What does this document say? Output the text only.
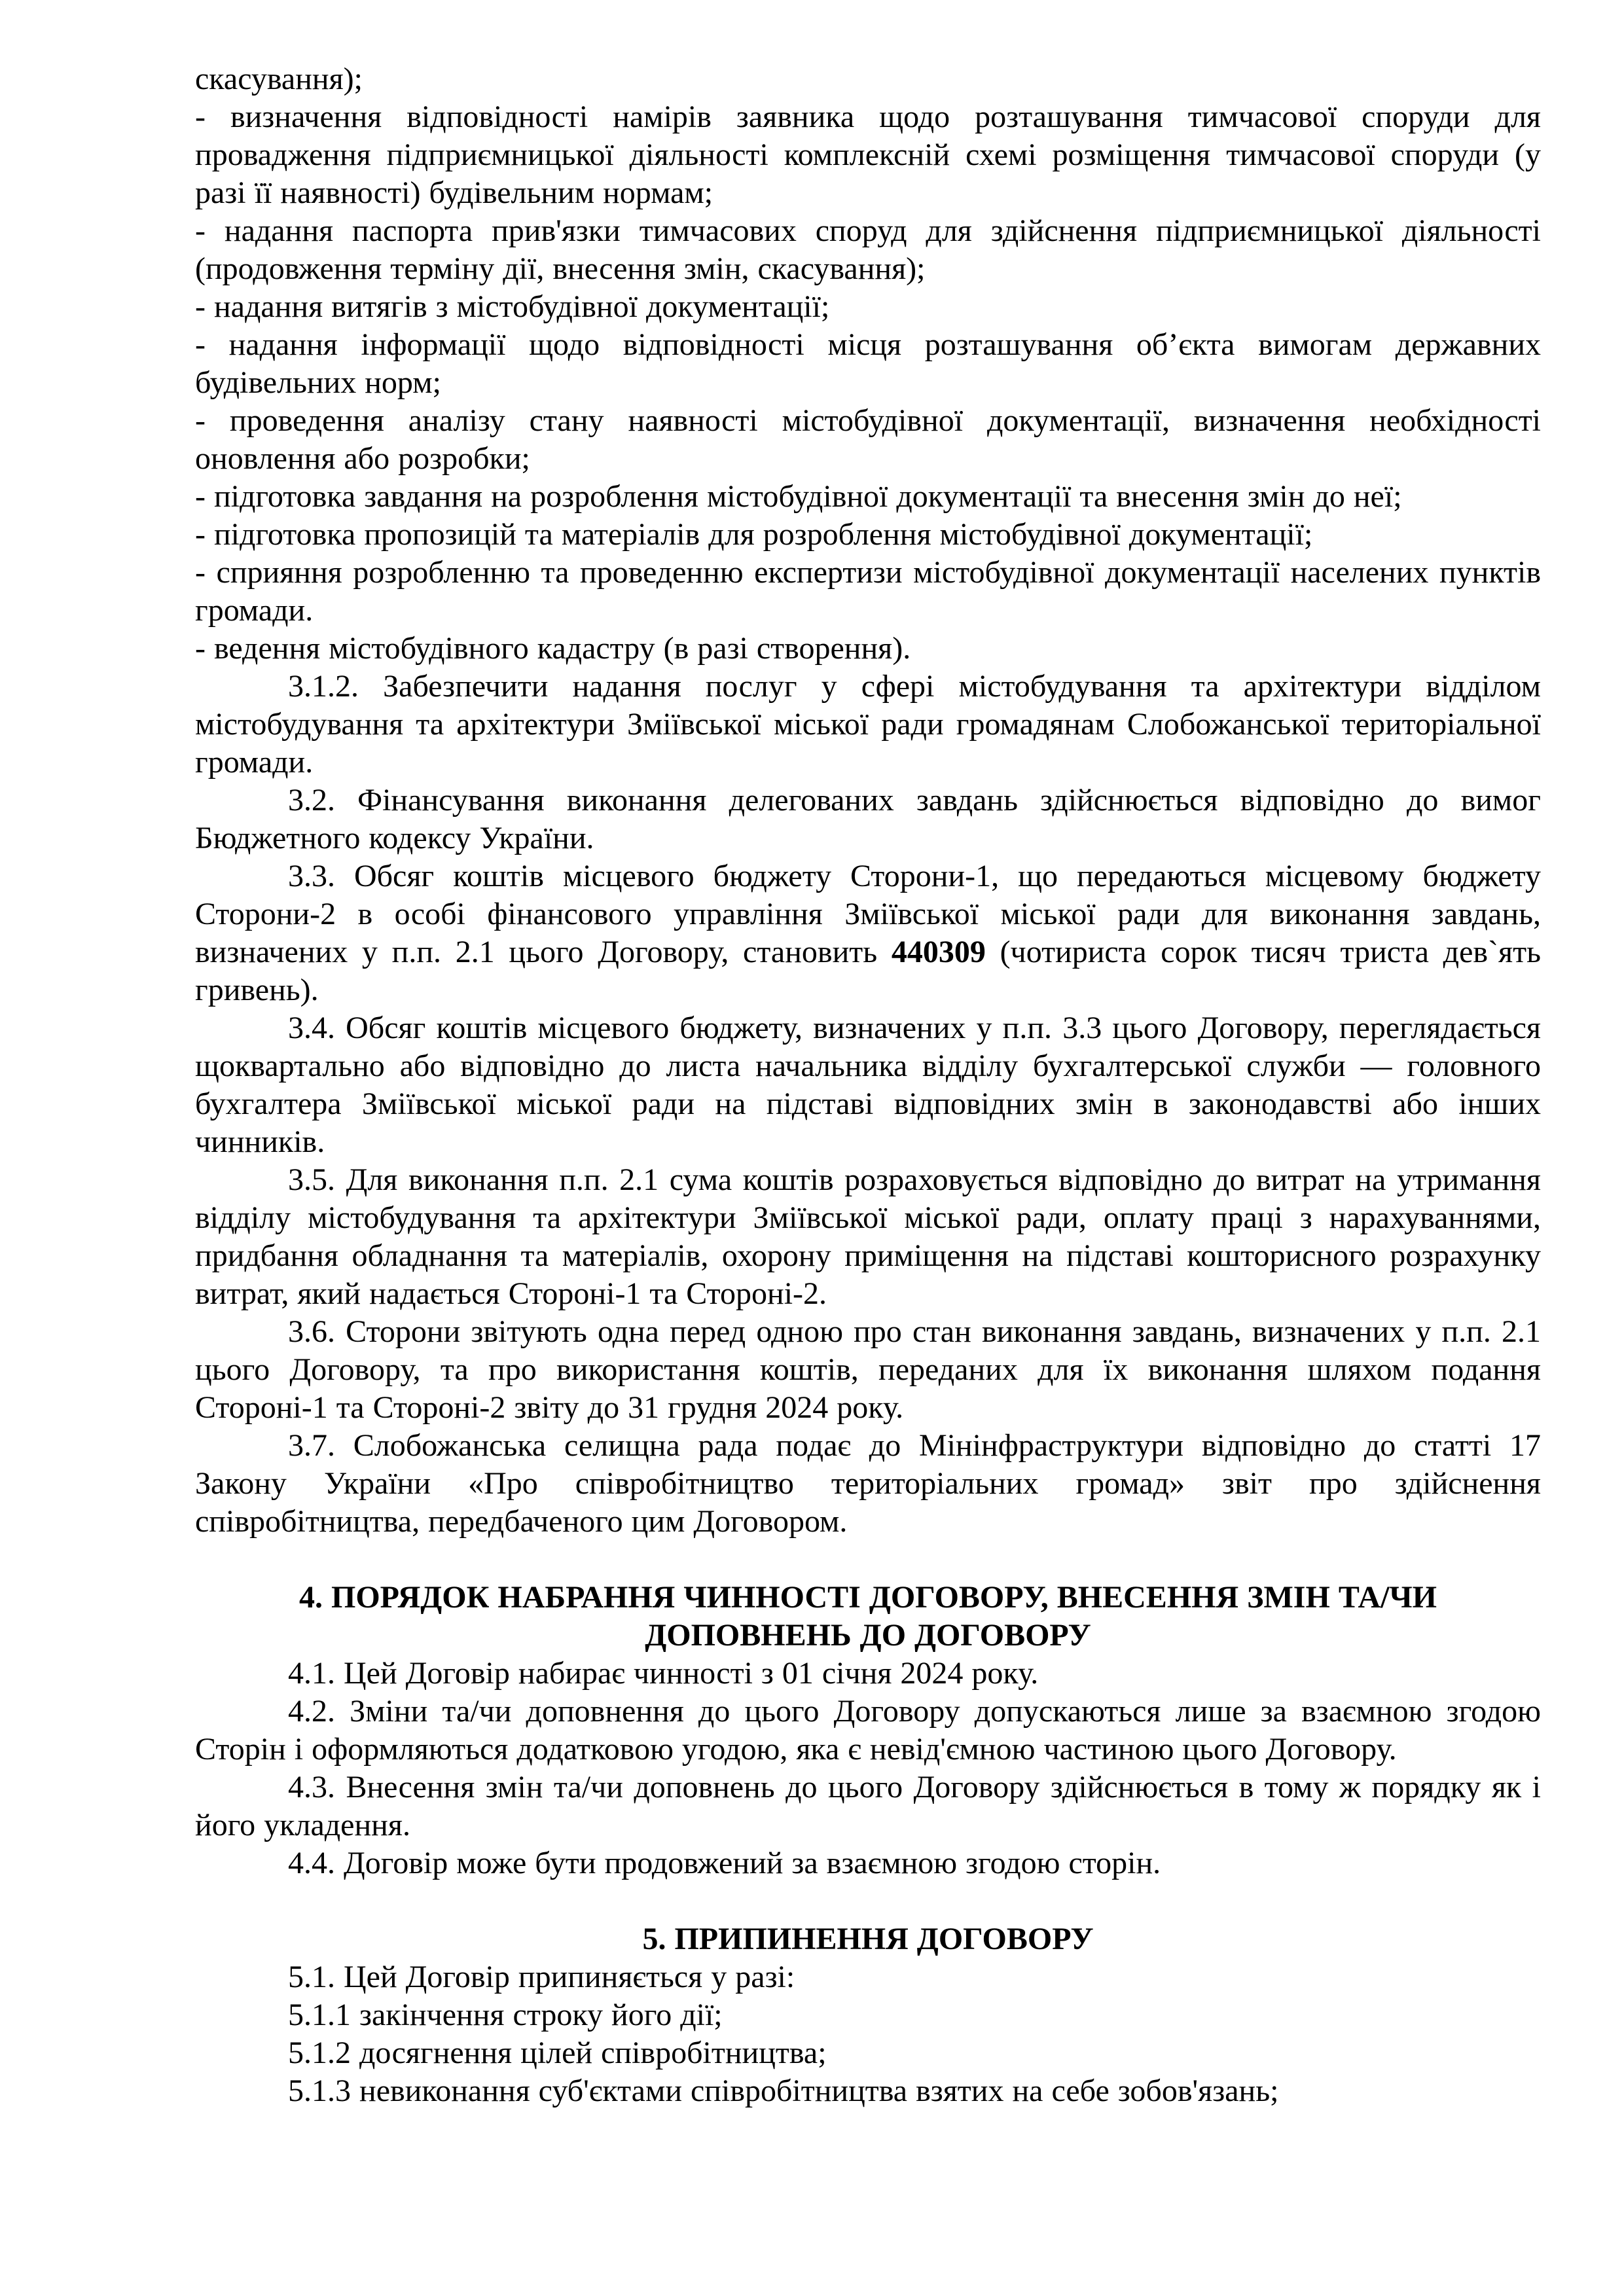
скасування);

- визначення відповідності намірів заявника щодо розташування тимчасової споруди для провадження підприємницької діяльності комплексній схемі розміщення тимчасової споруди (у разі її наявності) будівельним нормам;

- надання паспорта прив'язки тимчасових споруд для здійснення підприємницької діяльності (продовження терміну дії, внесення змін, скасування);

- надання витягів з містобудівної документації;

- надання інформації щодо відповідності місця розташування об’єкта вимогам державних будівельних норм;

- проведення аналізу стану наявності містобудівної документації, визначення необхідності оновлення або розробки;

- підготовка завдання на розроблення містобудівної документації та внесення змін до неї;

- підготовка пропозицій та матеріалів для розроблення містобудівної документації;

- сприяння розробленню та проведенню експертизи містобудівної документації населених пунктів громади.

- ведення містобудівного кадастру (в разі створення).

3.1.2. Забезпечити надання послуг у сфері містобудування та архітектури відділом містобудування та архітектури Зміївської міської ради громадянам Слобожанської територіальної громади.

3.2. Фінансування виконання делегованих завдань здійснюється відповідно до вимог Бюджетного кодексу України.

3.3. Обсяг коштів місцевого бюджету Сторони-1, що передаються місцевому бюджету Сторони-2 в особі фінансового управління Зміївської міської ради для виконання завдань, визначених у п.п. 2.1 цього Договору, становить 440309 (чотириста сорок тисяч триста дев`ять гривень).

3.4. Обсяг коштів місцевого бюджету, визначених у п.п. 3.3 цього Договору, переглядається щоквартально або відповідно до листа начальника відділу бухгалтерської служби — головного бухгалтера Зміївської міської ради на підставі відповідних змін в законодавстві або інших чинників.

3.5. Для виконання п.п. 2.1 сума коштів розраховується відповідно до витрат на утримання відділу містобудування та архітектури Зміївської міської ради, оплату праці з нарахуваннями, придбання обладнання та матеріалів, охорону приміщення на підставі кошторисного розрахунку витрат, який надається Стороні-1 та Стороні-2.

3.6. Сторони звітують одна перед одною про стан виконання завдань, визначених у п.п. 2.1 цього Договору, та про використання коштів, переданих для їх виконання шляхом подання Стороні-1 та Стороні-2 звіту до 31 грудня 2024 року.

3.7. Слобожанська селищна рада подає до Мінінфраструктури відповідно до статті 17 Закону України «Про співробітництво територіальних громад» звіт про здійснення співробітництва, передбаченого цим Договором.

4. ПОРЯДОК НАБРАННЯ ЧИННОСТІ ДОГОВОРУ, ВНЕСЕННЯ ЗМІН ТА/ЧИ
ДОПОВНЕНЬ ДО ДОГОВОРУ

4.1. Цей Договір набирає чинності з 01 січня 2024 року.

4.2. Зміни та/чи доповнення до цього Договору допускаються лише за взаємною згодою Сторін і оформляються додатковою угодою, яка є невід'ємною частиною цього Договору.

4.3. Внесення змін та/чи доповнень до цього Договору здійснюється в тому ж порядку як і його укладення.

4.4. Договір може бути продовжений за взаємною згодою сторін.

5. ПРИПИНЕННЯ ДОГОВОРУ

5.1. Цей Договір припиняється у разі:

5.1.1 закінчення строку його дії;

5.1.2 досягнення цілей співробітництва;

5.1.3 невиконання суб'єктами співробітництва взятих на себе зобов'язань;
